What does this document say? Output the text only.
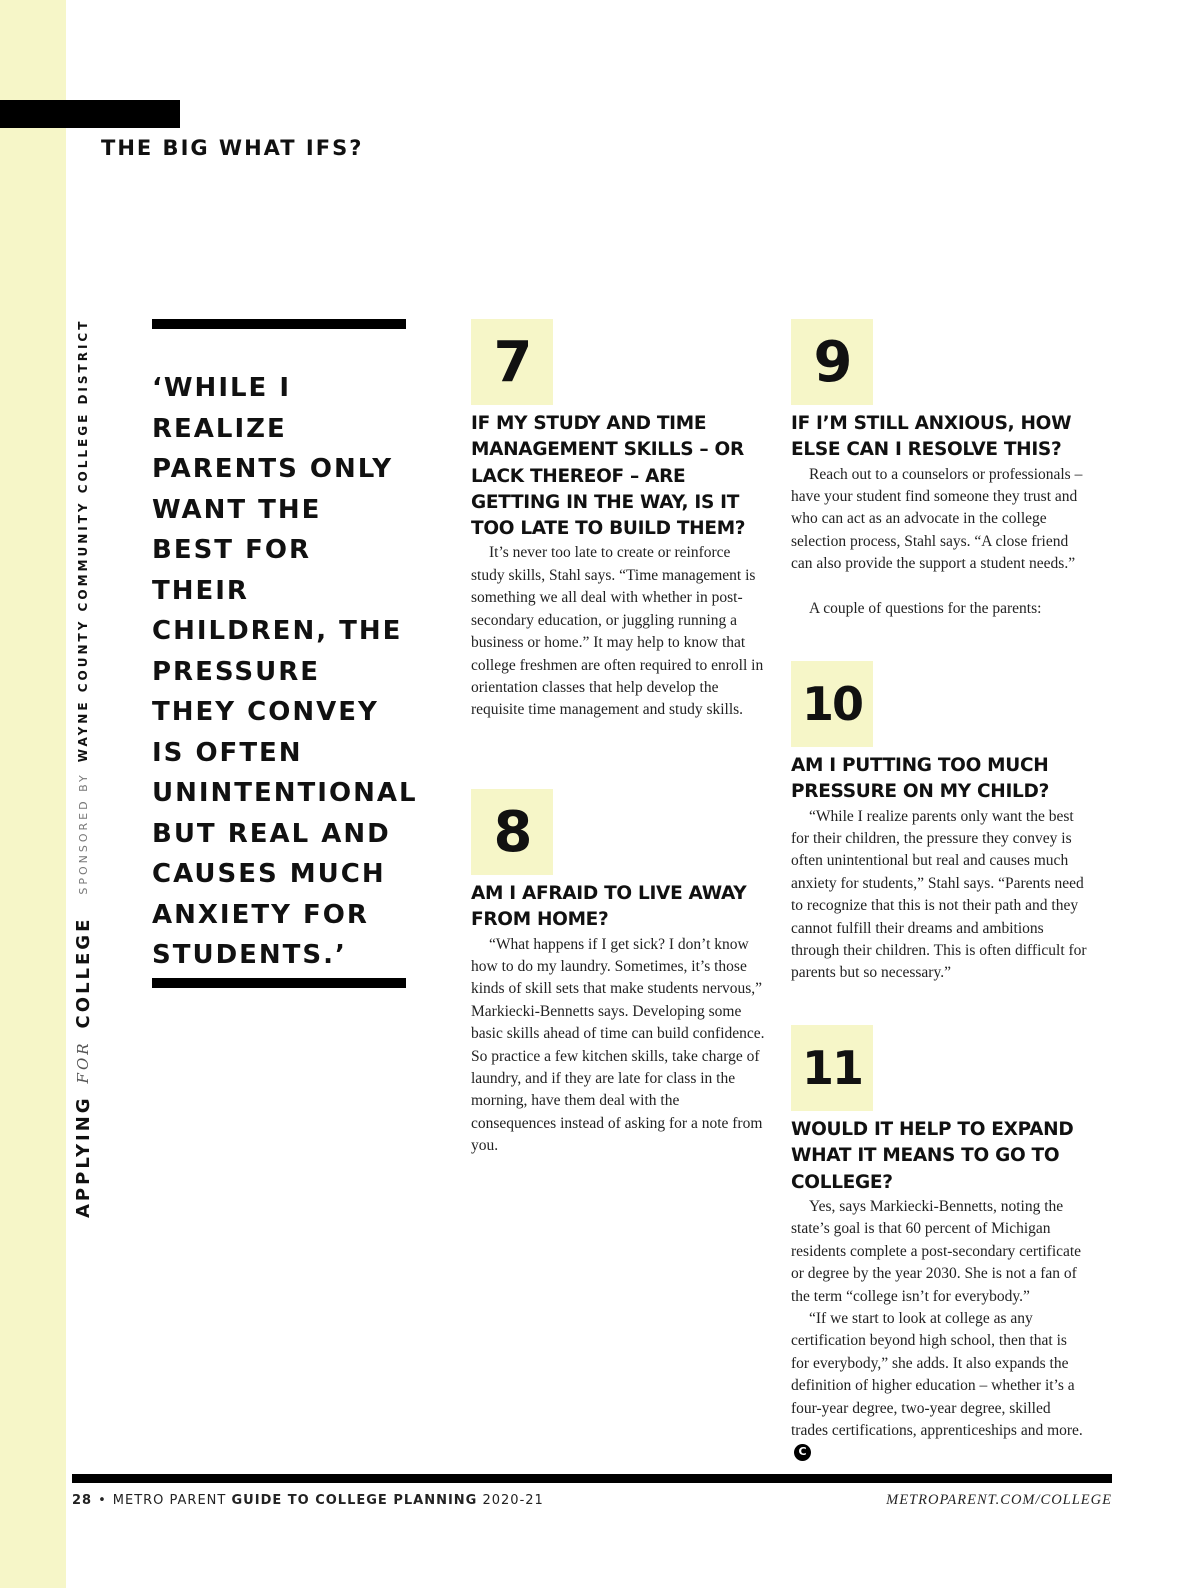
THE BIG WHAT IFS?
APPLYING
FOR
COLLEGE
SPONSORED BY
WAYNE COUNTY COMMUNITY COLLEGE DISTRICT ‘WHILE I REALIZE PARENTS ONLY WANT THE BEST FOR THEIR CHILDREN, THE PRESSURE THEY CONVEY IS OFTEN UNINTENTIONAL BUT REAL AND CAUSES MUCH ANXIETY FOR STUDENTS.’
7
IF MY STUDY AND TIME MANAGEMENT SKILLS – OR LACK THEREOF – ARE GETTING IN THE WAY, IS IT TOO LATE TO BUILD THEM?

It’s never too late to create or reinforce study skills, Stahl says. “Time management is something we all deal with whether in post-secondary education, or juggling running a business or home.” It may help to know that college freshmen are often required to enroll in orientation classes that help develop the requisite time management and study skills.

8
AM I AFRAID TO LIVE AWAY FROM HOME?

“What happens if I get sick? I don’t know how to do my laundry. Sometimes, it’s those kinds of skill sets that make students nervous,” Markiecki-Bennetts says. Developing some basic skills ahead of time can build confidence. So practice a few kitchen skills, take charge of laundry, and if they are late for class in the morning, have them deal with the consequences instead of asking for a note from you.

9
IF I’M STILL ANXIOUS, HOW ELSE CAN I RESOLVE THIS?

Reach out to a counselors or professionals – have your student find someone they trust and who can act as an advocate in the college selection process, Stahl says. “A close friend can also provide the support a student needs.”

A couple of questions for the parents:

10
AM I PUTTING TOO MUCH PRESSURE ON MY CHILD?

“While I realize parents only want the best for their children, the pressure they convey is often unintentional but real and causes much anxiety for students,” Stahl says. “Parents need to recognize that this is not their path and they cannot fulfill their dreams and ambitions through their children. This is often difficult for parents but so necessary.”

11
WOULD IT HELP TO EXPAND WHAT IT MEANS TO GO TO COLLEGE?

Yes, says Markiecki-Bennetts, noting the state’s goal is that 60 percent of Michigan residents complete a post-secondary certificate or degree by the year 2030. She is not a fan of the term “college isn’t for everybody.”

“If we start to look at college as any certification beyond high school, then that is for everybody,” she adds. It also expands the definition of higher education – whether it’s a four-year degree, two-year degree, skilled trades certifications, apprenticeships and more.C

28 • METRO PARENT GUIDE TO COLLEGE PLANNING 2020-21	METROPARENT.COM/COLLEGE
